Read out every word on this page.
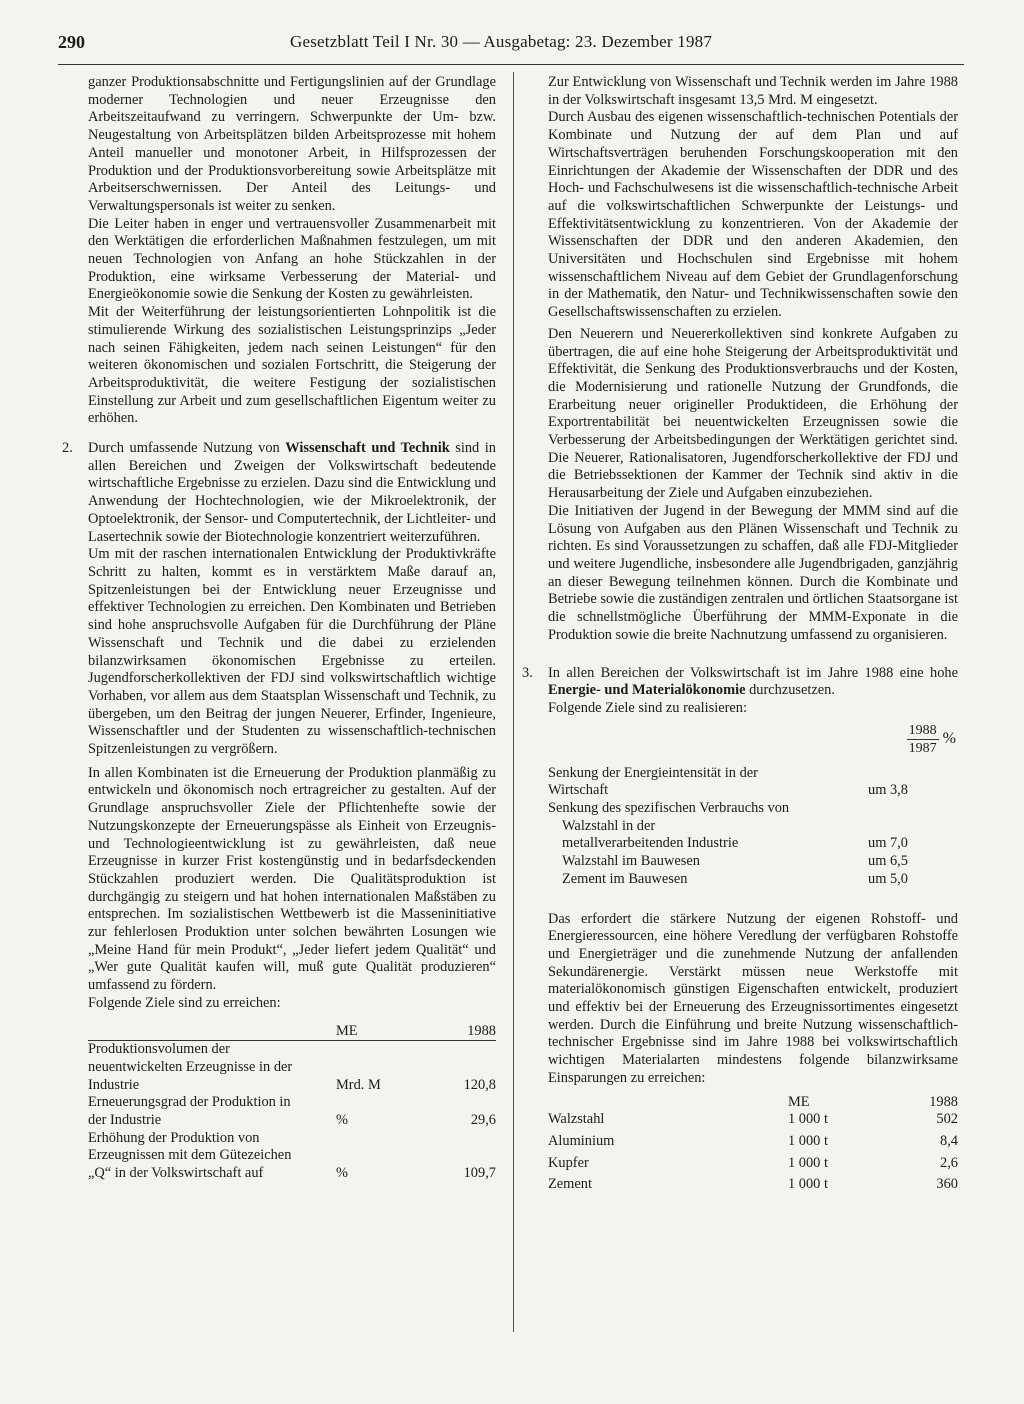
290	Gesetzblatt Teil I Nr. 30 — Ausgabetag: 23. Dezember 1987

ganzer Produktionsabschnitte und Fertigungslinien auf der Grundlage moderner Technologien und neuer Erzeugnisse den Arbeitszeitaufwand zu verringern. Schwerpunkte der Um- bzw. Neugestaltung von Arbeitsplätzen bilden Arbeitsprozesse mit hohem Anteil manueller und monotoner Arbeit, in Hilfsprozessen der Produktion und der Produktionsvorbereitung sowie Arbeitsplätze mit Arbeitserschwernissen. Der Anteil des Leitungs- und Verwaltungspersonals ist weiter zu senken.

Die Leiter haben in enger und vertrauensvoller Zusammenarbeit mit den Werktätigen die erforderlichen Maßnahmen festzulegen, um mit neuen Technologien von Anfang an hohe Stückzahlen in der Produktion, eine wirksame Verbesserung der Material- und Energieökonomie sowie die Senkung der Kosten zu gewährleisten.

Mit der Weiterführung der leistungsorientierten Lohnpolitik ist die stimulierende Wirkung des sozialistischen Leistungsprinzips „Jeder nach seinen Fähigkeiten, jedem nach seinen Leistungen“ für den weiteren ökonomischen und sozialen Fortschritt, die Steigerung der Arbeitsproduktivität, die weitere Festigung der sozialistischen Einstellung zur Arbeit und zum gesellschaftlichen Eigentum weiter zu erhöhen.

2. Durch umfassende Nutzung von Wissenschaft und Technik sind in allen Bereichen und Zweigen der Volkswirtschaft bedeutende wirtschaftliche Ergebnisse zu erzielen. Dazu sind die Entwicklung und Anwendung der Hochtechnologien, wie der Mikroelektronik, der Optoelektronik, der Sensor- und Computertechnik, der Lichtleiter- und Lasertechnik sowie der Biotechnologie konzentriert weiterzuführen.

Um mit der raschen internationalen Entwicklung der Produktivkräfte Schritt zu halten, kommt es in verstärktem Maße darauf an, Spitzenleistungen bei der Entwicklung neuer Erzeugnisse und effektiver Technologien zu erreichen. Den Kombinaten und Betrieben sind hohe anspruchsvolle Aufgaben für die Durchführung der Pläne Wissenschaft und Technik und die dabei zu erzielenden bilanzwirksamen ökonomischen Ergebnisse zu erteilen. Jugendforscherkollektiven der FDJ sind volkswirtschaftlich wichtige Vorhaben, vor allem aus dem Staatsplan Wissenschaft und Technik, zu übergeben, um den Beitrag der jungen Neuerer, Erfinder, Ingenieure, Wissenschaftler und der Studenten zu wissenschaftlich-technischen Spitzenleistungen zu vergrößern.

In allen Kombinaten ist die Erneuerung der Produktion planmäßig zu entwickeln und ökonomisch noch ertragreicher zu gestalten. Auf der Grundlage anspruchsvoller Ziele der Pflichtenhefte sowie der Nutzungskonzepte der Erneuerungspässe als Einheit von Erzeugnis- und Technologieentwicklung ist zu gewährleisten, daß neue Erzeugnisse in kurzer Frist kostengünstig und in bedarfsdeckenden Stückzahlen produziert werden. Die Qualitätsproduktion ist durchgängig zu steigern und hat hohen internationalen Maßstäben zu entsprechen. Im sozialistischen Wettbewerb ist die Masseninitiative zur fehlerlosen Produktion unter solchen bewährten Losungen wie „Meine Hand für mein Produkt“, „Jeder liefert jedem Qualität“ und „Wer gute Qualität kaufen will, muß gute Qualität produzieren“ umfassend zu fördern.

Folgende Ziele sind zu erreichen:

	ME	1988
Produktionsvolumen der neuentwickelten Erzeugnisse in der Industrie	Mrd. M	120,8
Erneuerungsgrad der Produktion in der Industrie	%	29,6
Erhöhung der Produktion von Erzeugnissen mit dem Gütezeichen „Q“ in der Volkswirtschaft auf	%	109,7

Zur Entwicklung von Wissenschaft und Technik werden im Jahre 1988 in der Volkswirtschaft insgesamt 13,5 Mrd. M eingesetzt.

Durch Ausbau des eigenen wissenschaftlich-technischen Potentials der Kombinate und Nutzung der auf dem Plan und auf Wirtschaftsverträgen beruhenden Forschungskooperation mit den Einrichtungen der Akademie der Wissenschaften der DDR und des Hoch- und Fachschulwesens ist die wissenschaftlich-technische Arbeit auf die volkswirtschaftlichen Schwerpunkte der Leistungs- und Effektivitätsentwicklung zu konzentrieren. Von der Akademie der Wissenschaften der DDR und den anderen Akademien, den Universitäten und Hochschulen sind Ergebnisse mit hohem wissenschaftlichem Niveau auf dem Gebiet der Grundlagenforschung in der Mathematik, den Natur- und Technikwissenschaften sowie den Gesellschaftswissenschaften zu erzielen.

Den Neuerern und Neuererkollektiven sind konkrete Aufgaben zu übertragen, die auf eine hohe Steigerung der Arbeitsproduktivität und Effektivität, die Senkung des Produktionsverbrauchs und der Kosten, die Modernisierung und rationelle Nutzung der Grundfonds, die Erarbeitung neuer origineller Produktideen, die Erhöhung der Exportrentabilität bei neuentwickelten Erzeugnissen sowie die Verbesserung der Arbeitsbedingungen der Werktätigen gerichtet sind. Die Neuerer, Rationalisatoren, Jugendforscherkollektive der FDJ und die Betriebssektionen der Kammer der Technik sind aktiv in die Herausarbeitung der Ziele und Aufgaben einzubeziehen.

Die Initiativen der Jugend in der Bewegung der MMM sind auf die Lösung von Aufgaben aus den Plänen Wissenschaft und Technik zu richten. Es sind Voraussetzungen zu schaffen, daß alle FDJ-Mitglieder und weitere Jugendliche, insbesondere alle Jugendbrigaden, ganzjährig an dieser Bewegung teilnehmen können. Durch die Kombinate und Betriebe sowie die zuständigen zentralen und örtlichen Staatsorgane ist die schnellstmögliche Überführung der MMM-Exponate in die Produktion sowie die breite Nachnutzung umfassend zu organisieren.

3. In allen Bereichen der Volkswirtschaft ist im Jahre 1988 eine hohe Energie- und Materialökonomie durchzusetzen.

Folgende Ziele sind zu realisieren:

$\frac{1988}{1987}$ %
Senkung der Energieintensität in der Wirtschaft	um 3,8
Senkung des spezifischen Verbrauchs von	
Walzstahl in der metallverarbeitenden Industrie	um 7,0
Walzstahl im Bauwesen	um 6,5
Zement im Bauwesen	um 5,0

Das erfordert die stärkere Nutzung der eigenen Rohstoff- und Energieressourcen, eine höhere Veredlung der verfügbaren Rohstoffe und Energieträger und die zunehmende Nutzung der anfallenden Sekundärenergie. Verstärkt müssen neue Werkstoffe mit materialökonomisch günstigen Eigenschaften entwickelt, produziert und effektiv bei der Erneuerung des Erzeugnissortimentes eingesetzt werden. Durch die Einführung und breite Nutzung wissenschaftlich-technischer Ergebnisse sind im Jahre 1988 bei volkswirtschaftlich wichtigen Materialarten mindestens folgende bilanzwirksame Einsparungen zu erreichen:

	ME	1988
Walzstahl	1 000 t	502
Aluminium	1 000 t	8,4
Kupfer	1 000 t	2,6
Zement	1 000 t	360
